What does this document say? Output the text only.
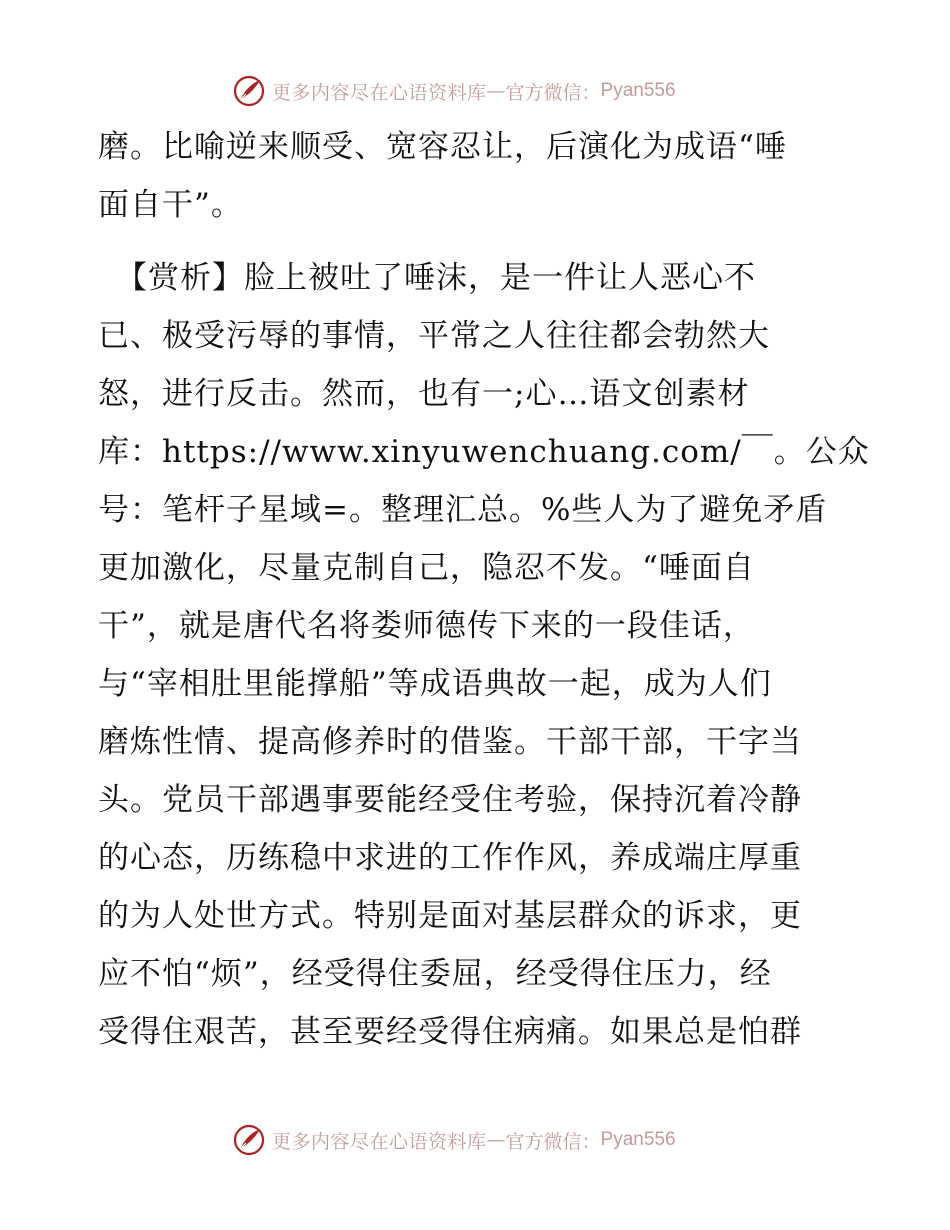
更多内容尽在心语资料库 — 官方微信： Pyan556
磨。比喻逆来顺受、宽容忍让，后演化为成语“唾
面自干”。
【赏析】脸上被吐了唾沫，是一件让人恶心不
已、极受污辱的事情，平常之人往往都会勃然大
怒，进行反击。然而，也有一;心…语文创素材
库：https://www.xinyuwenchuang.com/￣。公众
号：笔杆子星域=。整理汇总。%些人为了避免矛盾
更加激化，尽量克制自己，隐忍不发。“唾面自
干”，就是唐代名将娄师德传下来的一段佳话，
与“宰相肚里能撑船”等成语典故一起，成为人们
磨炼性情、提高修养时的借鉴。干部干部，干字当
头。党员干部遇事要能经受住考验，保持沉着冷静
的心态，历练稳中求进的工作作风，养成端庄厚重
的为人处世方式。特别是面对基层群众的诉求，更
应不怕“烦”，经受得住委屈，经受得住压力，经
受得住艰苦，甚至要经受得住病痛。如果总是怕群
更多内容尽在心语资料库 — 官方微信： Pyan556
